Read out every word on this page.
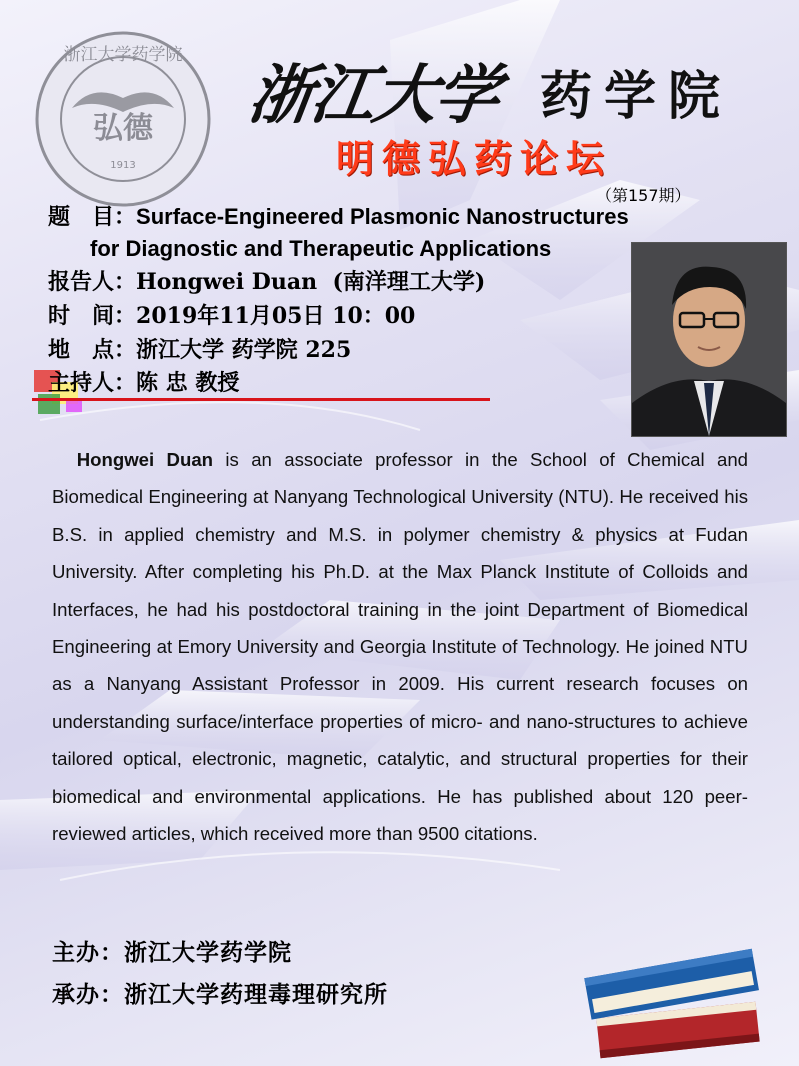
弘德
1913
浙江大学药学院
浙江大学 药学院
明德弘药论坛
（第157期）
题　目：Surface-Engineered Plasmonic Nanostructures
for Diagnostic and Therapeutic Applications
报告人：Hongwei Duan (南洋理工大学)
时　间：2019年11月05日 10：00
地　点：浙江大学 药学院 225
主持人：陈 忠 教授
Hongwei Duan is an associate professor in the School of Chemical and Biomedical Engineering at Nanyang Technological University (NTU). He received his B.S. in applied chemistry and M.S. in polymer chemistry & physics at Fudan University. After completing his Ph.D. at the Max Planck Institute of Colloids and Interfaces, he had his postdoctoral training in the joint Department of Biomedical Engineering at Emory University and Georgia Institute of Technology. He joined NTU as a Nanyang Assistant Professor in 2009. His current research focuses on understanding surface/interface properties of micro- and nano-structures to achieve tailored optical, electronic, magnetic, catalytic, and structural properties for their biomedical and environmental applications. He has published about 120 peer-reviewed articles, which received more than 9500 citations.
主办：浙江大学药学院
承办：浙江大学药理毒理研究所
